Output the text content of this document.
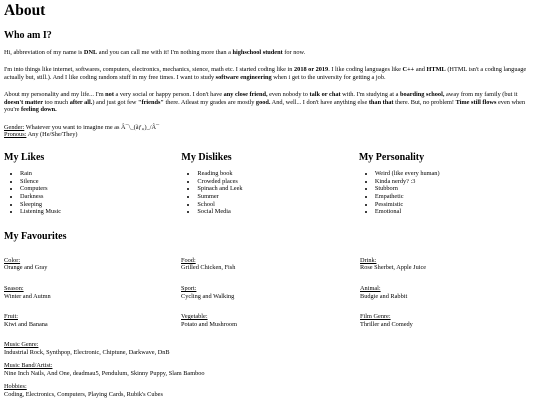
About
Who am I?

Hi, abbreviation of my name is DNL and you can call me with it! I'm nothing more than a highschool student for now.

I'm into things like internet, softwares, computers, electronics, mechanics, sience, math etc. I started coding like in 2018 or 2019. I like coding languages like C++ and HTML (HTML isn't a coding language actually but, still.). And I like coding random stuff in my free times. I want to study software engineering when i get to the university for getting a job.

About my personality and my life... I'm not a very social or happy person. I don't have any close friend, even nobody to talk or chat with. I'm studying at a boarding school, away from my family (but it doesn't matter too much after all.) and just got few "friends" there. Atleast my grades are mostly good. And, well... I don't have anything else than that there. But, no problem! Time still flows even when you're feeling down.

Gender: Whatever you want to imagine me as Â¯\_(ãƒ„)_/Â¯
Pronous: Any (He/She/They)
My Likes
• Rain
• Silence
• Computers
• Darkness
• Sleeping
• Listening Music
My Dislikes
• Reading book
• Crowded places
• Spinach and Leek
• Summer
• School
• Social Media
My Personality
• Weird (like every human)
• Kinda nerdy? :3
• Stubborn
• Empathetic
• Pessimistic
• Emotional
My Favourites
Color:
Orange and Gray
Food:
Grilled Chicken, Fish
Drink:
Rose Sherbet, Apple Juice
Season:
Winter and Autmn
Sport:
Cycling and Walking
Animal:
Budgie and Rabbit
Fruit:
Kiwi and Banana
Vegetable:
Potato and Mushroom
Film Genre:
Thriller and Comedy
Music Genre:
Industrial Rock, Synthpop, Electronic, Chiptune, Darkwave, DnB
Music Band/Artist:
Nine Inch Nails, And One, deadmau5, Pendulum, Skinny Puppy, Slam Bamboo
Hobbies:
Coding, Electronics, Computers, Playing Cards, Rubik's Cubes
